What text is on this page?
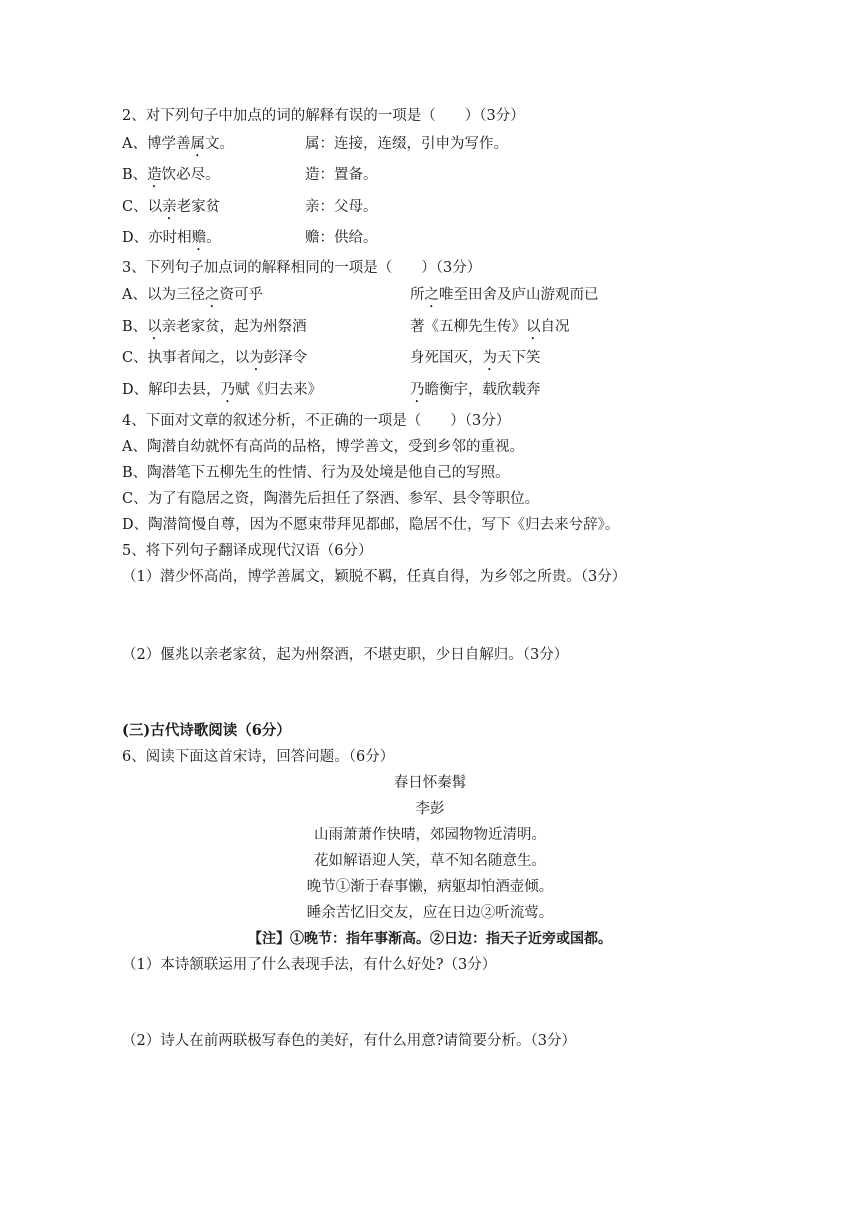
2、对下列句子中加点的词的解释有误的一项是（　　）（3分）
A、博学善属文。	属：连接，连缀，引申为写作。
B、造饮必尽。	造：置备。
C、以亲老家贫	亲：父母。
D、亦时相赡。	赡：供给。
3、下列句子加点词的解释相同的一项是（　　）（3分）
A、以为三径之资可乎	所之唯至田舍及庐山游观而已
B、以亲老家贫，起为州祭酒	著《五柳先生传》以自况
C、执事者闻之，以为彭泽令	身死国灭，为天下笑
D、解印去县，乃赋《归去来》	乃瞻衡宇，载欣载奔
4、下面对文章的叙述分析，不正确的一项是（　　）（3分）
A、陶潜自幼就怀有高尚的品格，博学善文，受到乡邻的重视。
B、陶潜笔下五柳先生的性情、行为及处境是他自己的写照。
C、为了有隐居之资，陶潜先后担任了祭酒、参军、县令等职位。
D、陶潜简慢自尊，因为不愿束带拜见都邮，隐居不仕，写下《归去来兮辞》。
5、将下列句子翻译成现代汉语（6分）
（1）潜少怀高尚，博学善属文，颖脱不羁，任真自得，为乡邻之所贵。（3分）
（2）偃兆以亲老家贫，起为州祭酒，不堪吏职，少日自解归。（3分）
(三)古代诗歌阅读（6分）
6、阅读下面这首宋诗，回答问题。（6分）
春日怀秦髯
李彭
山雨萧萧作快晴，郊园物物近清明。
花如解语迎人笑，草不知名随意生。
晚节①渐于春事懒，病躯却怕酒壶倾。
睡余苦忆旧交友，应在日边②听流莺。
【注】①晚节：指年事渐高。②日边：指天子近旁或国都。
（1）本诗颔联运用了什么表现手法，有什么好处?（3分）
（2）诗人在前两联极写春色的美好，有什么用意?请简要分析。（3分）
